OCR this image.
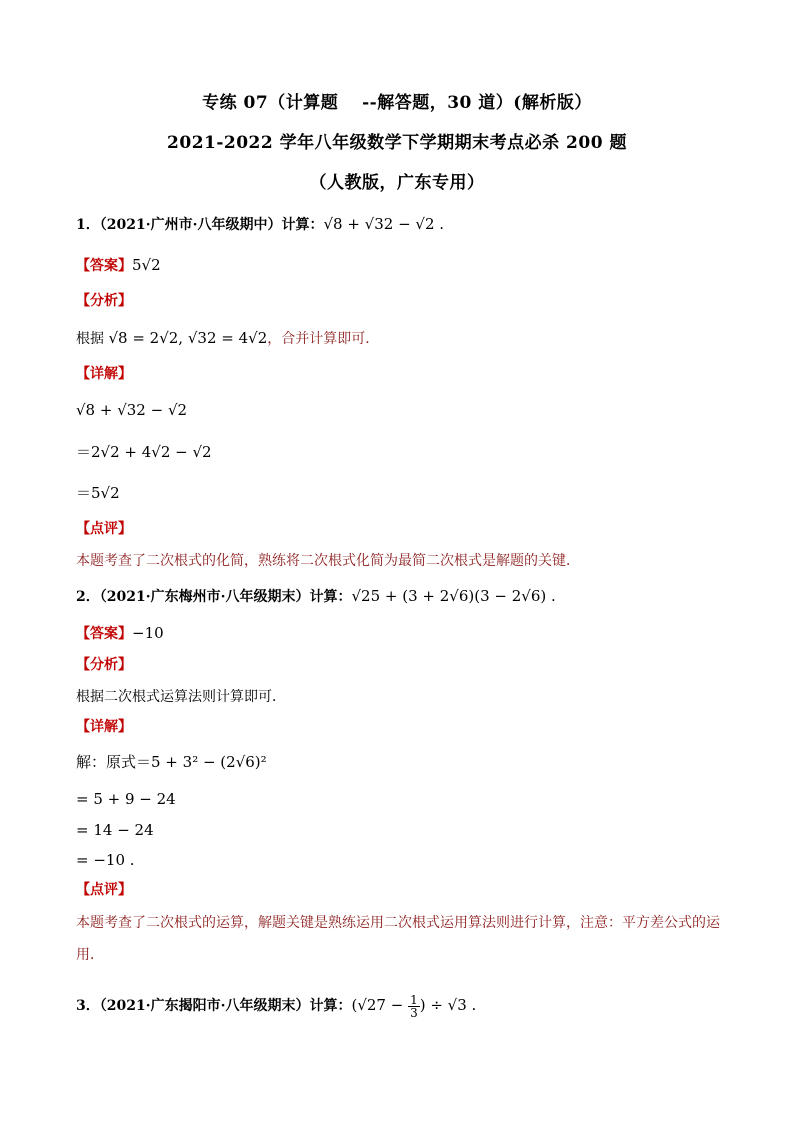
专练 07（计算题　 --解答题，30 道）(解析版）
2021-2022 学年八年级数学下学期期末考点必杀 200 题
（人教版，广东专用）
1．（2021·广州市·八年级期中）计算：√8 + √32 − √2 .
【答案】5√2
【分析】
根据 √8 = 2√2, √32 = 4√2，合并计算即可．
【详解】
√8 + √32 − √2
＝2√2 + 4√2 − √2
＝5√2
【点评】
本题考查了二次根式的化简，熟练将二次根式化简为最简二次根式是解题的关键．
2．（2021·广东梅州市·八年级期末）计算：√25 + (3 + 2√6)(3 − 2√6) .
【答案】−10
【分析】
根据二次根式运算法则计算即可．
【详解】
解：原式＝5 + 3² − (2√6)²
= 5 + 9 − 24
= 14 − 24
= −10 .
【点评】
本题考查了二次根式的运算，解题关键是熟练运用二次根式运用算法则进行计算，注意：平方差公式的运
用．
3．（2021·广东揭阳市·八年级期末）计算：($√27 - \frac{1}{3}$ ) ÷ √3 .
